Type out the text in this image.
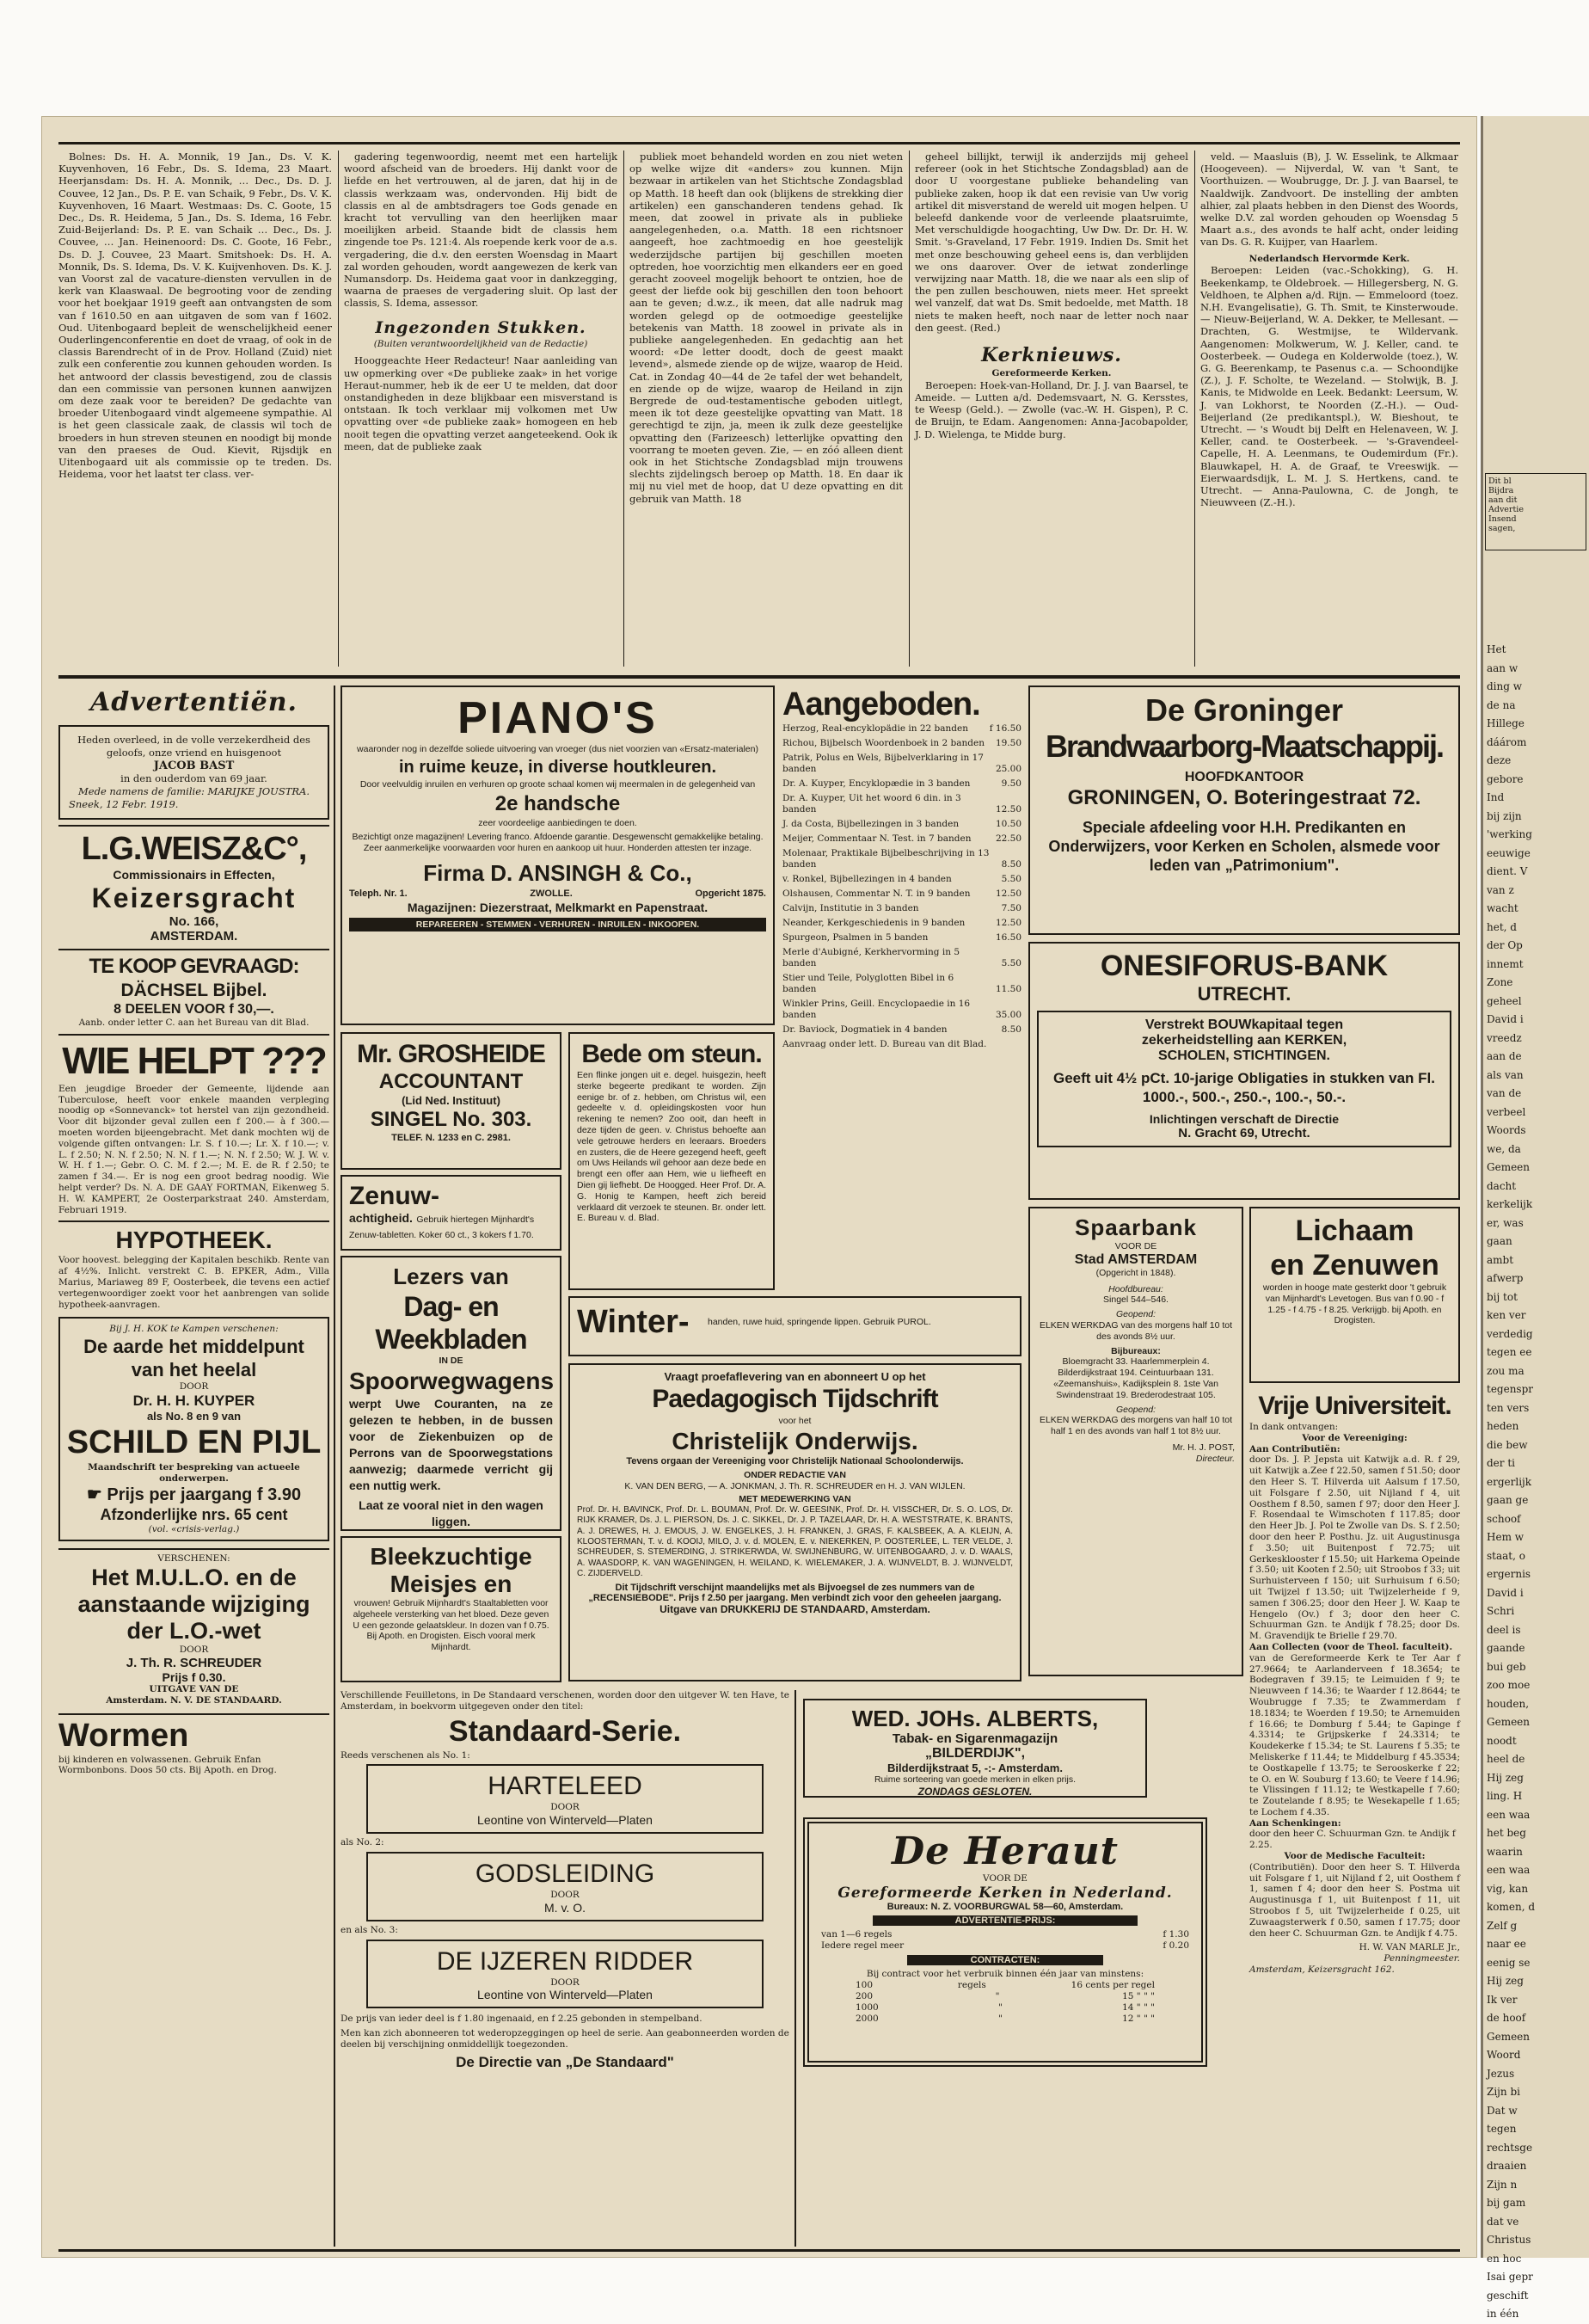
Dit bl
Bijdra
aan dit
Advertie
Insend
sagen,
Het
aan w
ding w
de na
Hillege
dáárom
deze
gebore
Ind
bij zijn
'werking
eeuwige
dient. V
van z
wacht
het, d
der Op
innemt
Zone
geheel
David i
vreedz
aan de
als van
van de
verbeel
Woords
we, da
Gemeen
dacht
kerkelijk
er, was
gaan
ambt
afwerp
bij tot
ken ver
verdedig
tegen ee
zou ma
tegenspr
ten vers
heden
die bew
der ti
ergerlijk
gaan ge
schoof
Hem w
staat, o
ergernis
David i
Schri
deel is
gaande
bui geb
zoo moe
houden,
Gemeen
noodt
heel de
Hij zeg
ling. H
een waa
het beg
waarin
een waa
vig, kan
komen, d
Zelf g
naar ee
eenig se
Hij zeg
Ik ver
de hoof
Gemeen
Woord
Jezus
Zijn bi
Dat w
tegen
rechtsge
draaien
Zijn n
bij gam
dat ve
Christus
en hoc
Isai gepr
geschift
in één

Bolnes: Ds. H. A. Monnik, 19 Jan., Ds. V. K. Kuyvenhoven, 16 Febr., Ds. S. Idema, 23 Maart. Heerjansdam: Ds. H. A. Monnik, … Dec., Ds. D. J. Couvee, 12 Jan., Ds. P. E. van Schaik, 9 Febr., Ds. V. K. Kuyvenhoven, 16 Maart. Westmaas: Ds. C. Goote, 15 Dec., Ds. R. Heidema, 5 Jan., Ds. S. Idema, 16 Febr. Zuid-Beijerland: Ds. P. E. van Schaik … Dec., Ds. J. Couvee, … Jan. Heinenoord: Ds. C. Goote, 16 Febr., Ds. D. J. Couvee, 23 Maart. Smitshoek: Ds. H. A. Monnik, Ds. S. Idema, Ds. V. K. Kuijvenhoven. Ds. K. J. van Voorst zal de vacature-diensten vervullen in de kerk van Klaaswaal. De begrooting voor de zending voor het boekjaar 1919 geeft aan ontvangsten de som van f 1610.50 en aan uitgaven de som van f 1602. Oud. Uitenbogaard bepleit de wenschelijkheid eener Ouderlingenconferentie en doet de vraag, of ook in de classis Barendrecht of in de Prov. Holland (Zuid) niet zulk een conferentie zou kunnen gehouden worden. Is het antwoord der classis bevestigend, zou de classis dan een commissie van personen kunnen aanwijzen om deze zaak voor te bereiden? De gedachte van broeder Uitenbogaard vindt algemeene sympathie. Al is het geen classicale zaak, de classis wil toch de broeders in hun streven steunen en noodigt bij monde van den praeses de Oud. Kievit, Rijsdijk en Uitenbogaard uit als commissie op te treden. Ds. Heidema, voor het laatst ter class. ver-

gadering tegenwoordig, neemt met een hartelijk woord afscheid van de broeders. Hij dankt voor de liefde en het vertrouwen, al de jaren, dat hij in de classis werkzaam was, ondervonden. Hij bidt de classis en al de ambtsdragers toe Gods genade en kracht tot vervulling van den heerlijken maar moeilijken arbeid. Staande bidt de classis hem zingende toe Ps. 121:4. Als roepende kerk voor de a.s. vergadering, die d.v. den eersten Woensdag in Maart zal worden gehouden, wordt aangewezen de kerk van Numansdorp. Ds. Heidema gaat voor in dankzegging, waarna de praeses de vergadering sluit. Op last der classis, S. Idema, assessor.

Ingezonden Stukken.
(Buiten verantwoordelijkheid van de Redactie)

Hooggeachte Heer Redacteur! Naar aanleiding van uw opmerking over «De publieke zaak» in het vorige Heraut-nummer, heb ik de eer U te melden, dat door onstandigheden in deze blijkbaar een misverstand is ontstaan. Ik toch verklaar mij volkomen met Uw opvatting over «de publieke zaak» homogeen en heb nooit tegen die opvatting verzet aangeteekend. Ook ik meen, dat de publieke zaak

publiek moet behandeld worden en zou niet weten op welke wijze dit «anders» zou kunnen. Mijn bezwaar in artikelen van het Stichtsche Zondagsblad op Matth. 18 heeft dan ook (blijkens de strekking dier artikelen) een ganschanderen tendens gehad. Ik meen, dat zoowel in private als in publieke aangelegenheden, o.a. Matth. 18 een richtsnoer aangeeft, hoe zachtmoedig en hoe geestelijk wederzijdsche partijen bij geschillen moeten optreden, hoe voorzichtig men elkanders eer en goed geracht zooveel mogelijk behoort te ontzien, hoe de geest der liefde ook bij geschillen den toon behoort aan te geven; d.w.z., ik meen, dat alle nadruk mag worden gelegd op de ootmoedige geestelijke betekenis van Matth. 18 zoowel in private als in publieke aangelegenheden. En gedachtig aan het woord: «De letter doodt, doch de geest maakt levend», alsmede ziende op de wijze, waarop de Heid. Cat. in Zondag 40—44 de 2e tafel der wet behandelt, en ziende op de wijze, waarop de Heiland in zijn Bergrede de oud-testamentische geboden uitlegt, meen ik tot deze geestelijke opvatting van Matt. 18 gerechtigd te zijn, ja, meen ik zulk deze geestelijke opvatting den (Farizeesch) letterlijke opvatting den voorrang te moeten geven. Zie, — en zóó alleen dient ook in het Stichtsche Zondagsblad mijn trouwens slechts zijdelingsch beroep op Matth. 18. En daar ik mij nu viel met de hoop, dat U deze opvatting en dit gebruik van Matth. 18

geheel billijkt, terwijl ik anderzijds mij geheel refereer (ook in het Stichtsche Zondagsblad) aan de door U voorgestane publieke behandeling van publieke zaken, hoop ik dat een revisie van Uw vorig artikel dit misverstand de wereld uit mogen helpen. U beleefd dankende voor de verleende plaatsruimte, Met verschuldigde hoogachting, Uw Dw. Dr. Dr. H. W. Smit. 's-Graveland, 17 Febr. 1919. Indien Ds. Smit het met onze beschouwing geheel eens is, dan verblijden we ons daarover. Over de ietwat zonderlinge verwijzing naar Matth. 18, die we naar als een slip of the pen zullen beschouwen, niets meer. Het spreekt wel vanzelf, dat wat Ds. Smit bedoelde, met Matth. 18 niets te maken heeft, noch naar de letter noch naar den geest. (Red.)

Kerknieuws.
Gereformeerde Kerken.

Beroepen: Hoek-van-Holland, Dr. J. J. van Baarsel, te Ameide. — Lutten a/d. Dedemsvaart, N. G. Kersstes, te Weesp (Geld.). — Zwolle (vac.-W. H. Gispen), P. C. de Bruijn, te Edam. Aangenomen: Anna-Jacobapolder, J. D. Wielenga, te Midde burg.

veld. — Maasluis (B), J. W. Esselink, te Alkmaar (Hoogeveen). — Nijverdal, W. van 't Sant, te Voorthuizen. — Woubrugge, Dr. J. J. van Baarsel, te Naaldwijk. Zandvoort. De instelling der ambten alhier, zal plaats hebben in den Dienst des Woords, welke D.V. zal worden gehouden op Woensdag 5 Maart a.s., des avonds te half acht, onder leiding van Ds. G. R. Kuijper, van Haarlem.

Nederlandsch Hervormde Kerk.

Beroepen: Leiden (vac.-Schokking), G. H. Beekenkamp, te Oldebroek. — Hillegersberg, N. G. Veldhoen, te Alphen a/d. Rijn. — Emmeloord (toez. N.H. Evangelisatie), G. Th. Smit, te Kinsterwoude. — Nieuw-Beijerland, W. A. Dekker, te Mellesant. — Drachten, G. Westmijse, te Wildervank. Aangenomen: Molkwerum, W. J. Keller, cand. te Oosterbeek. — Oudega en Kolderwolde (toez.), W. G. G. Beerenkamp, te Pasenus c.a. — Schoondijke (Z.), J. F. Scholte, te Wezeland. — Stolwijk, B. J. Kanis, te Midwolde en Leek. Bedankt: Leersum, W. J. van Lokhorst, te Noorden (Z.-H.). — Oud-Beijerland (2e predikantspl.), W. Bieshout, te Utrecht. — 's Woudt bij Delft en Helenaveen, W. J. Keller, cand. te Oosterbeek. — 's-Gravendeel-Capelle, H. A. Leenmans, te Oudemirdum (Fr.). Blauwkapel, H. A. de Graaf, te Vreeswijk. — Eierwaardsdijk, L. M. J. S. Hertkens, cand. te Utrecht. — Anna-Paulowna, C. de Jongh, te Nieuwveen (Z.-H.).

Advertentiën.
Heden overleed, in de volle verzekerdheid des geloofs, onze vriend en huisgenoot
JACOB BAST
in den ouderdom van 69 jaar.
Mede namens de familie: MARIJKE JOUSTRA.
Sneek, 12 Febr. 1919.
L.G.WEISZ&C°,
Commissionairs in Effecten,
Keizersgracht
No. 166,
AMSTERDAM.
TE KOOP GEVRAAGD:
DÄCHSEL Bijbel.
8 DEELEN VOOR f 30,—.
Aanb. onder letter C. aan het Bureau van dit Blad.
WIE HELPT ???
Een jeugdige Broeder der Gemeente, lijdende aan Tuberculose, heeft voor enkele maanden verpleging noodig op «Sonnevanck» tot herstel van zijn gezondheid. Voor dit bijzonder geval zullen een f 200.— à f 300.— moeten worden bijeengebracht. Met dank mochten wij de volgende giften ontvangen: Lr. S. f 10.—; Lr. X. f 10.—; v. L. f 2.50; N. N. f 2.50; N. N. f 1.—; N. N. f 2.50; W. J. W. v. W. H. f 1.—; Gebr. O. C. M. f 2.—; M. E. de R. f 2.50; te zamen f 34.—. Er is nog een groot bedrag noodig. Wie helpt verder? Ds. N. A. DE GAAY FORTMAN, Eikenweg 5. H. W. KAMPERT, 2e Oosterparkstraat 240. Amsterdam, Februari 1919.
HYPOTHEEK.
Voor hoovest. belegging der Kapitalen beschikb. Rente van af 4½%. Inlicht. verstrekt C. B. EPKER, Adm., Villa Marius, Mariaweg 89 F, Oosterbeek, die tevens een actief vertegenwoordiger zoekt voor het aanbrengen van solide hypotheek-aanvragen.
Bij J. H. KOK te Kampen verschenen:
De aarde het middelpunt van het heelal
DOOR
Dr. H. H. KUYPER
als No. 8 en 9 van
SCHILD EN PIJL
Maandschrift ter bespreking van actueele onderwerpen.
☛ Prijs per jaargang f 3.90
Afzonderlijke nrs. 65 cent
(vol. «crisis-verlag.)
VERSCHENEN:
Het M.U.L.O. en de aanstaande wijziging der L.O.-wet
DOOR
J. Th. R. SCHREUDER
Prijs f 0.30.
UITGAVE VAN DE
Amsterdam. N. V. DE STANDAARD.
Wormen
bij kinderen en volwassenen. Gebruik Enfan Wormbonbons. Doos 50 cts. Bij Apoth. en Drog.
PIANO'S
waaronder nog in dezelfde soliede uitvoering van vroeger (dus niet voorzien van «Ersatz-materialen)
in ruime keuze, in diverse houtkleuren.
Door veelvuldig inruilen en verhuren op groote schaal komen wij meermalen in de gelegenheid van
2e handsche
zeer voordeelige aanbiedingen te doen.
Bezichtigt onze magazijnen! Levering franco. Afdoende garantie. Desgewenscht gemakkelijke betaling.
Zeer aanmerkelijke voorwaarden voor huren en aankoop uit huur. Honderden attesten ter inzage.
Firma D. ANSINGH & Co.,
Teleph. Nr. 1.	ZWOLLE.	Opgericht 1875.
Magazijnen: Diezerstraat, Melkmarkt en Papenstraat.
REPAREEREN - STEMMEN - VERHUREN - INRUILEN - INKOOPEN.
Mr. GROSHEIDE
ACCOUNTANT
(Lid Ned. Instituut)
SINGEL No. 303.
TELEF. N. 1233 en C. 2981.
Zenuw-
achtigheid. Gebruik hiertegen Mijnhardt's Zenuw-tabletten. Koker 60 ct., 3 kokers f 1.70.
Lezers van
Dag- en Weekbladen
IN DE
Spoorwegwagens
werpt Uwe Couranten, na ze gelezen te hebben, in de bussen voor de Ziekenbuizen op de Perrons van de Spoorwegstations aanwezig; daarmede verricht gij een nuttig werk.
Laat ze vooral niet in den wagen liggen.
Bleekzuchtige
Meisjes en
vrouwen! Gebruik Mijnhardt's Staaltabletten voor algeheele versterking van het bloed. Deze geven U een gezonde gelaatskleur. In dozen van f 0.75. Bij Apoth. en Drogisten. Eisch vooral merk Mijnhardt.
Bede om steun.
Een flinke jongen uit e. degel. huisgezin, heeft sterke begeerte predikant te worden. Zijn eenige br. of z. hebben, om Christus wil, een gedeelte v. d. opleidingskosten voor hun rekening te nemen? Zoo ooit, dan heeft in deze tijden de geen. v. Christus behoefte aan vele getrouwe herders en leeraars. Broeders en zusters, die de Heere gezegend heeft, geeft om Uws Heilands wil gehoor aan deze bede en brengt een offer aan Hem, wie u liefheeft en Dien gij liefhebt. De Hoogged. Heer Prof. Dr. A. G. Honig te Kampen, heeft zich bereid verklaard dit verzoek te steunen. Br. onder lett. E. Bureau v. d. Blad.
Aangeboden.
Herzog, Real-encyklopädie in 22 banden	f 16.50
Richou, Bijbelsch Woordenboek in 2 banden	19.50
Patrik, Polus en Wels, Bijbelverklaring in 17 banden	25.00
Dr. A. Kuyper, Encyklopædie in 3 banden	9.50
Dr. A. Kuyper, Uit het woord 6 din. in 3 banden	12.50
J. da Costa, Bijbellezingen in 3 banden	10.50
Meijer, Commentaar N. Test. in 7 banden	22.50
Molenaar, Praktikale Bijbelbeschrijving in 13 banden	8.50
v. Ronkel, Bijbellezingen in 4 banden	5.50
Olshausen, Commentar N. T. in 9 banden	12.50
Calvijn, Institutie in 3 banden	7.50
Neander, Kerkgeschiedenis in 9 banden	12.50
Spurgeon, Psalmen in 5 banden	16.50
Merle d'Aubigné, Kerkhervorming in 5 banden	5.50
Stier und Teile, Polyglotten Bibel in 6 banden	11.50
Winkler Prins, Geill. Encyclopaedie in 16 banden	35.00
Dr. Baviock, Dogmatiek in 4 banden	8.50
Aanvraag onder lett. D. Bureau van dit Blad.
Winter-	handen, ruwe huid, springende lippen. Gebruik PUROL.
Vraagt proefaflevering van en abonneert U op het
Paedagogisch Tijdschrift
voor het
Christelijk Onderwijs.
Tevens orgaan der Vereeniging voor Christelijk Nationaal Schoolonderwijs.
ONDER REDACTIE VAN
K. VAN DEN BERG, — A. JONKMAN, J. Th. R. SCHREUDER en H. J. VAN WIJLEN.
MET MEDEWERKING VAN
Prof. Dr. H. BAVINCK, Prof. Dr. L. BOUMAN, Prof. Dr. W. GEESINK, Prof. Dr. H. VISSCHER, Dr. S. O. LOS, Dr. RIJK KRAMER, Ds. J. L. PIERSON, Ds. J. C. SIKKEL, Dr. J. P. TAZELAAR, Dr. H. A. WESTSTRATE, K. BRANTS, A. J. DREWES, H. J. EMOUS, J. W. ENGELKES, J. H. FRANKEN, J. GRAS, F. KALSBEEK, A. A. KLEIJN, A. KLOOSTERMAN, T. v. d. KOOIJ, MILO, J. v. d. MOLEN, E. v. NIEKERKEN, P. OOSTERLEE, L. TER VELDE, J. SCHREUDER, S. STEMERDING, J. STRIKERWDA, W. SWIJNENBURG, W. UITENBOGAARD, J. v. D. WAALS, A. WAASDORP, K. VAN WAGENINGEN, H. WEILAND, K. WIELEMAKER, J. A. WIJNVELDT, B. J. WIJNVELDT, C. ZIJDERVELD.
Dit Tijdschrift verschijnt maandelijks met als Bijvoegsel de zes nummers van de „RECENSIEBODE". Prijs f 2.50 per jaargang. Men verbindt zich voor den geheelen jaargang.
Uitgave van DRUKKERIJ DE STANDAARD, Amsterdam.
Verschillende Feuilletons, in De Standaard verschenen, worden door den uitgever W. ten Have, te Amsterdam, in boekvorm uitgegeven onder den titel:
Standaard-Serie.
Reeds verschenen als No. 1:
HARTELEED
DOOR
Leontine von Winterveld—Platen
als No. 2:
GODSLEIDING
DOOR
M. v. O.
en als No. 3:
DE IJZEREN RIDDER
DOOR
Leontine von Winterveld—Platen
De prijs van ieder deel is f 1.80 ingenaaid, en f 2.25 gebonden in stempelband.
Men kan zich abonneeren tot wederopzeggingen op heel de serie. Aan geabonneerden worden de deelen bij verschijning onmiddellijk toegezonden.
De Directie van „De Standaard"
WED. JOHs. ALBERTS,
Tabak- en Sigarenmagazijn
„BILDERDIJK",
Bilderdijkstraat 5, -:- Amsterdam.
Ruime sorteering van goede merken in elken prijs.
ZONDAGS GESLOTEN.
De Heraut
VOOR DE
Gereformeerde Kerken in Nederland.
Bureaux: N. Z. VOORBURGWAL 58—60, Amsterdam.
ADVERTENTIE-PRIJS:
van 1—6 regels	f 1.30
Iedere regel meer	f 0.20
CONTRACTEN:
Bij contract voor het verbruik binnen één jaar van minstens:
100	regels	16 cents per regel
200	"	15 " " "
1000	"	14 " " "
2000	"	12 " " "
De Groninger
Brandwaarborg-Maatschappij.
HOOFDKANTOOR
GRONINGEN, O. Boteringestraat 72.
Speciale afdeeling voor H.H. Predikanten en Onderwijzers, voor Kerken en Scholen, alsmede voor leden van „Patrimonium".
ONESIFORUS-BANK
UTRECHT.
Verstrekt BOUWkapitaal tegen
zekerheidstelling aan KERKEN,
SCHOLEN, STICHTINGEN.
Geeft uit 4½ pCt. 10-jarige Obligaties in stukken van Fl. 1000.-, 500.-, 250.-, 100.-, 50.-.
Inlichtingen verschaft de Directie
N. Gracht 69, Utrecht.
Spaarbank
VOOR DE
Stad AMSTERDAM
(Opgericht in 1848).
Hoofdbureau:
Singel 544–546.
Geopend:
ELKEN WERKDAG van des morgens half 10 tot des avonds 8½ uur.
Bijbureaux:
Bloemgracht 33. Haarlemmerplein 4. Bilderdijkstraat 194. Ceintuurbaan 131. «Zeemanshuis», Kadijksplein 8. 1ste Van Swindenstraat 19. Brederodestraat 105.
Geopend:
ELKEN WERKDAG des morgens van half 10 tot half 1 en des avonds van half 1 tot 8½ uur.
Mr. H. J. POST,
Directeur.
Lichaam
en Zenuwen
worden in hooge mate gesterkt door 't gebruik van Mijnhardt's Levetogen. Bus van f 0.90 - f 1.25 - f 4.75 - f 8.25. Verkrijgb. bij Apoth. en Drogisten.
Vrije Universiteit.
In dank ontvangen:
Voor de Vereeniging:
Aan Contributiën:
door Ds. J. P. Jepsta uit Katwijk a.d. R. f 29, uit Katwijk a.Zee f 22.50, samen f 51.50; door den Heer S. T. Hilverda uit Aalsum f 17.50, uit Folsgare f 2.50, uit Nijland f 4, uit Oosthem f 8.50, samen f 97; door den Heer J. F. Rosendaal te Wimschoten f 117.85; door den Heer Jb. J. Pol te Zwolle van Ds. S. f 2.50; door den heer P. Posthu. Jz. uit Augustinusga f 3.50; uit Buitenpost f 72.75; uit Gerkesklooster f 15.50; uit Harkema Opeinde f 3.50; uit Kooten f 2.50; uit Stroobos f 33; uit Surhuisterveen f 150; uit Surhuisum f 6.50; uit Twijzel f 13.50; uit Twijzelerheide f 9, samen f 306.25; door den Heer J. W. Kaap te Hengelo (Ov.) f 3; door den heer C. Schuurman Gzn. te Andijk f 78.25; door Ds. M. Gravendijk te Brielle f 29.70.
Aan Collecten (voor de Theol. faculteit).
van de Gereformeerde Kerk te Ter Aar f 27.9664; te Aarlanderveen f 18.3654; te Bodegraven f 39.15; te Leimuiden f 9; te Nieuwveen f 14.36; te Waarder f 12.8644; te Woubrugge f 7.35; te Zwammerdam f 18.1834; te Woerden f 19.50; te Arnemuiden f 16.66; te Domburg f 5.44; te Gapinge f 4.3314; te Grijpskerke f 24.3314; te Koudekerke f 15.34; te St. Laurens f 5.35; te Meliskerke f 11.44; te Middelburg f 45.3534; te Oostkapelle f 13.75; te Serooskerke f 22; te O. en W. Souburg f 13.60; te Veere f 14.96; te Vlissingen f 11.12; te Westkapelle f 7.60; te Zoutelande f 8.95; te Wesekapelle f 1.65; te Lochem f 4.35.
Aan Schenkingen:
door den heer C. Schuurman Gzn. te Andijk f 2.25.
Voor de Medische Faculteit:
(Contributiën). Door den heer S. T. Hilverda uit Folsgare f 1, uit Nijland f 2, uit Oosthem f 1, samen f 4; door den heer S. Postma uit Augustinusga f 1, uit Buitenpost f 11, uit Stroobos f 5, uit Twijzelerheide f 0.25, uit Zuwaagsterwerk f 0.50, samen f 17.75; door den heer C. Schuurman Gzn. te Andijk f 4.75.
H. W. VAN MARLE Jr.,
Penningmeester.
Amsterdam, Keizersgracht 162.
